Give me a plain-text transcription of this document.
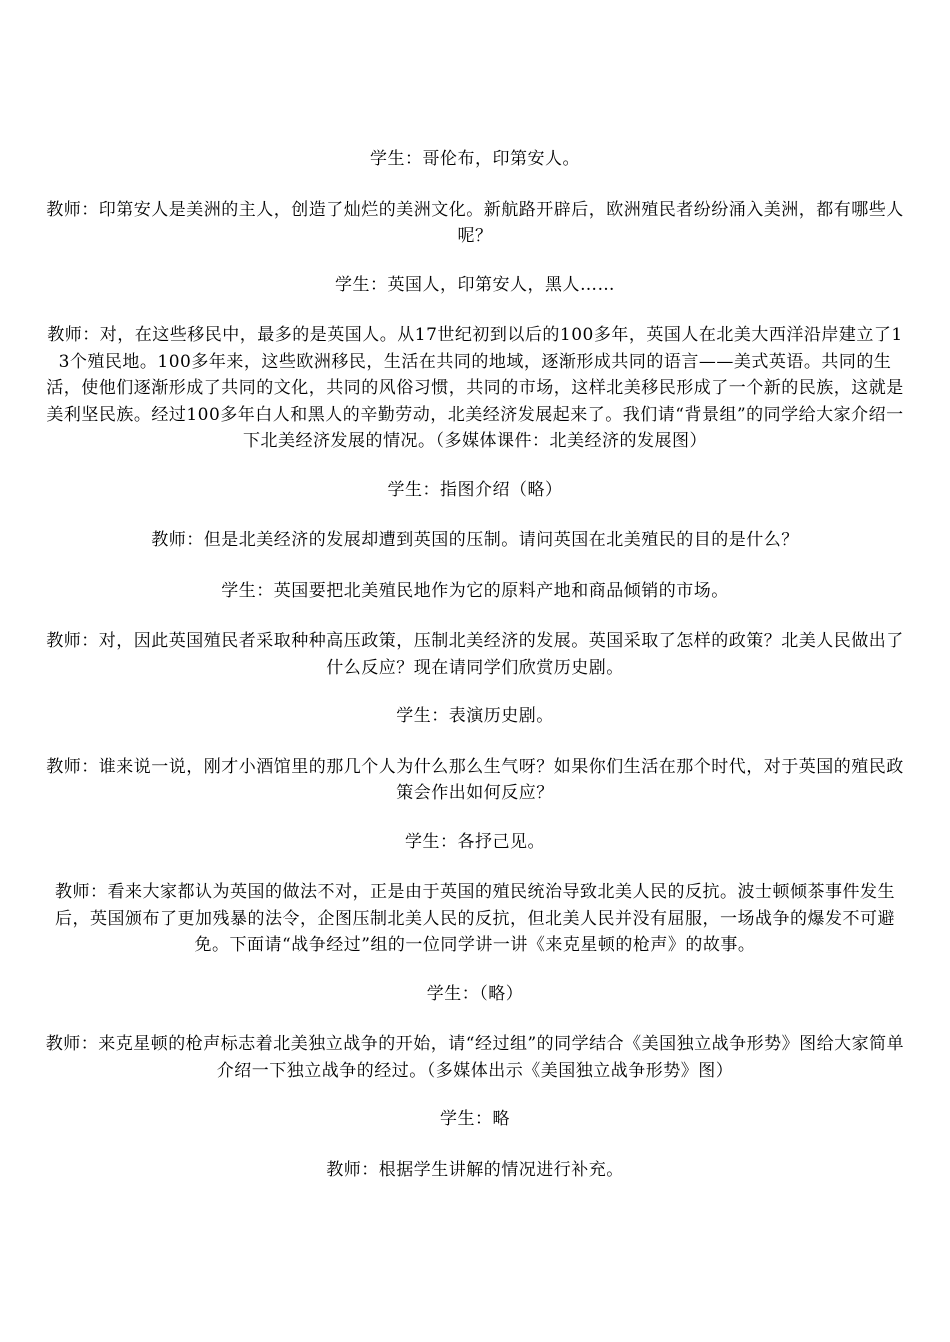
学生：哥伦布，印第安人。

教师：印第安人是美洲的主人，创造了灿烂的美洲文化。新航路开辟后，欧洲殖民者纷纷涌入美洲，都有哪些人呢？

学生：英国人，印第安人，黑人……

教师：对，在这些移民中，最多的是英国人。从17世纪初到以后的100多年，英国人在北美大西洋沿岸建立了13个殖民地。100多年来，这些欧洲移民，生活在共同的地域，逐渐形成共同的语言——美式英语。共同的生活，使他们逐渐形成了共同的文化，共同的风俗习惯，共同的市场，这样北美移民形成了一个新的民族，这就是美利坚民族。经过100多年白人和黑人的辛勤劳动，北美经济发展起来了。我们请“背景组”的同学给大家介绍一下北美经济发展的情况。（多媒体课件：北美经济的发展图）

学生：指图介绍（略）

教师：但是北美经济的发展却遭到英国的压制。请问英国在北美殖民的目的是什么？

学生：英国要把北美殖民地作为它的原料产地和商品倾销的市场。

教师：对，因此英国殖民者采取种种高压政策，压制北美经济的发展。英国采取了怎样的政策？北美人民做出了什么反应？现在请同学们欣赏历史剧。

学生：表演历史剧。

教师：谁来说一说，刚才小酒馆里的那几个人为什么那么生气呀？如果你们生活在那个时代，对于英国的殖民政策会作出如何反应？

学生：各抒己见。

教师：看来大家都认为英国的做法不对，正是由于英国的殖民统治导致北美人民的反抗。波士顿倾茶事件发生后，英国颁布了更加残暴的法令，企图压制北美人民的反抗，但北美人民并没有屈服，一场战争的爆发不可避免。下面请“战争经过”组的一位同学讲一讲《来克星顿的枪声》的故事。

学生：（略）

教师：来克星顿的枪声标志着北美独立战争的开始，请“经过组”的同学结合《美国独立战争形势》图给大家简单介绍一下独立战争的经过。（多媒体出示《美国独立战争形势》图）

学生：略

教师：根据学生讲解的情况进行补充。
